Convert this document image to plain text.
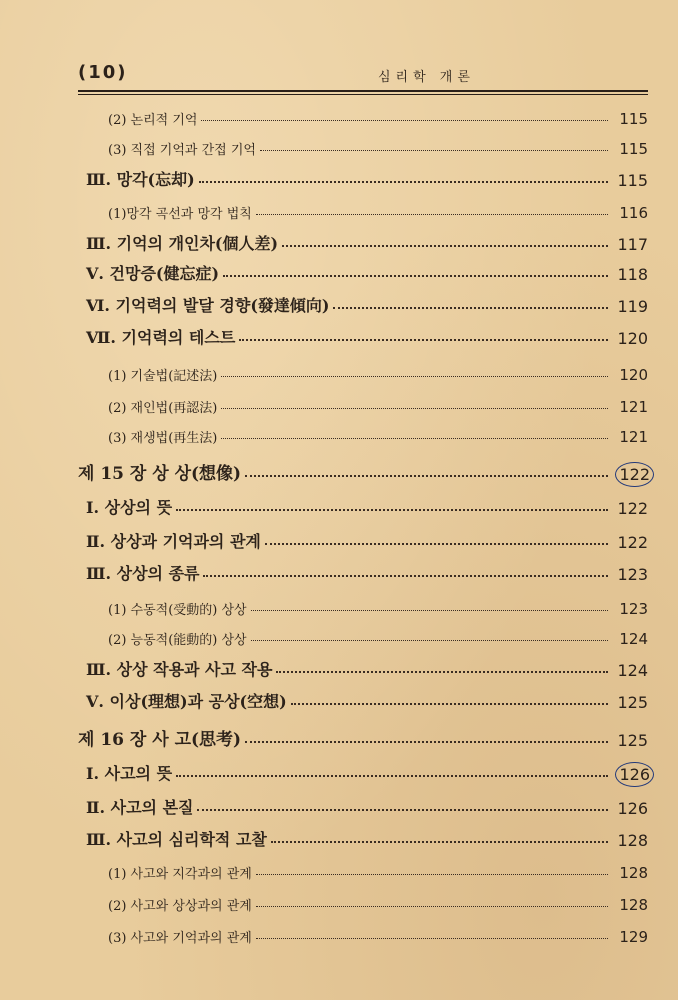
(10)	심리학 개론
(2) 논리적 기억	115
(3) 직접 기억과 간접 기억	115
Ⅲ. 망각(忘却)	115
(1)망각 곡선과 망각 법칙	116
Ⅲ. 기억의 개인차(個人差)	117
Ⅴ. 건망증(健忘症)	118
Ⅵ. 기억력의 발달 경향(發達傾向)	119
Ⅶ. 기억력의 테스트	120
(1) 기술법(記述法)	120
(2) 재인법(再認法)	121
(3) 재생법(再生法)	121
제 15 장 상 상(想像)	122
Ⅰ. 상상의 뜻	122
Ⅱ. 상상과 기억과의 관계	122
Ⅲ. 상상의 종류	123
(1) 수동적(受動的) 상상	123
(2) 능동적(能動的) 상상	124
Ⅲ. 상상 작용과 사고 작용	124
Ⅴ. 이상(理想)과 공상(空想)	125
제 16 장 사 고(思考)	125
Ⅰ. 사고의 뜻	126
Ⅱ. 사고의 본질	126
Ⅲ. 사고의 심리학적 고찰	128
(1) 사고와 지각과의 관계	128
(2) 사고와 상상과의 관계	128
(3) 사고와 기억과의 관계	129
